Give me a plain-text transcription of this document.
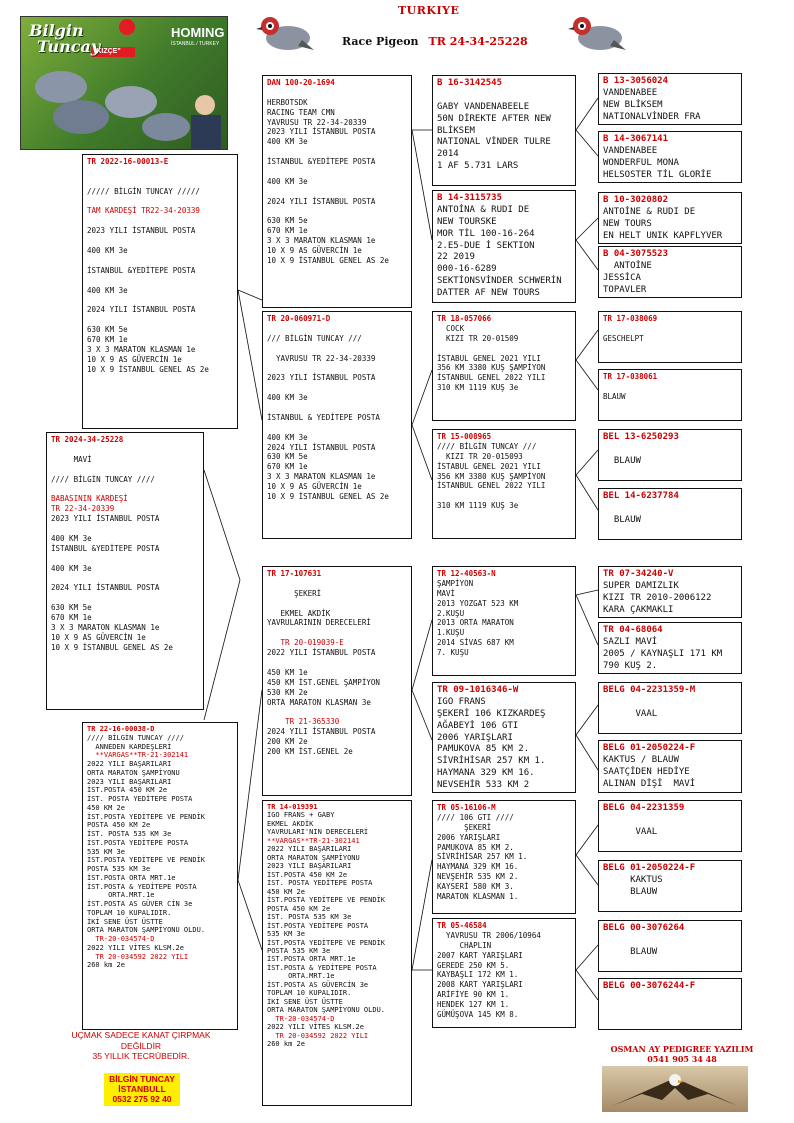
TURKIYE
Race Pigeon TR 24-34-25228
Bilgin
Tuncay
HOMING
"KIZÇE"
İSTANBUL / TURKEY
TR 2024-34-25228

MAVİ

//// BİLGİN TUNCAY ////

BABASININ KARDEŞİ
TR 22-34-20339
2023 YILI İSTANBUL POSTA

400 KM 3e
İSTANBUL &YEDİTEPE POSTA

400 KM 3e

2024 YILI İSTANBUL POSTA

630 KM 5e
670 KM 1e
3 X 3 MARATON KLASMAN 1e
10 X 9 AS GÜVERCİN 1e
10 X 9 İSTANBUL GENEL AS 2e
TR 2022-16-00013-E

///// BİLGİN TUNCAY /////

TAM KARDEŞİ TR22-34-20339

2023 YILI İSTANBUL POSTA

400 KM 3e

İSTANBUL &YEDİTEPE POSTA

400 KM 3e

2024 YILI İSTANBUL POSTA

630 KM 5e
670 KM 1e
3 X 3 MARATON KLASMAN 1e
10 X 9 AS GÜVERCİN 1e
10 X 9 İSTANBUL GENEL AS 2e
TR 22-16-00038-D
//// BİLGİN TUNCAY ////
ANNEDEN KARDEŞLERİ
**VARGAS**TR-21-302141
2022 YILI BAŞARILARI
ORTA MARATON ŞAMPİYONU
2023 YILI BAŞARILARI
İST.POSTA 450 KM 2e
İST. POSTA YEDİTEPE POSTA
450 KM 2e
İST.POSTA YEDİTEPE VE PENDİK
POSTA 450 KM 2e
İST. POSTA 535 KM 3e
İST.POSTA YEDİTEPE POSTA
535 KM 3e
İST.POSTA YEDİTEPE VE PENDİK
POSTA 535 KM 3e
İST.POSTA ORTA MRT.1e
İST.POSTA & YEDİTEPE POSTA
ORTA.MRT.1e
İST.POSTA AS GÜVER CİN 3e
TOPLAM 10 KUPALIDIR.
İKİ SENE ÜST ÜSTTE
ORTA MARATON ŞAMPİYONU OLDU.
TR-20-034574-D
2022 YILI VİTES KLSM.2e
TR 20-034592 2022 YILI
260 km 2e
DAN 100-20-1694

HERBOTSDK
RACING TEAM CMN
YAVRUSU TR 22-34-20339
2023 YILI İSTANBUL POSTA
400 KM 3e

İSTANBUL &YEDİTEPE POSTA

400 KM 3e

2024 YILI İSTANBUL POSTA

630 KM 5e
670 KM 1e
3 X 3 MARATON KLASMAN 1e
10 X 9 AS GÜVERCİN 1e
10 X 9 İSTANBUL GENEL AS 2e
TR 20-060971-D

/// BİLGİN TUNCAY ///

YAVRUSU TR 22-34-20339

2023 YILI İSTANBUL POSTA

400 KM 3e

İSTANBUL & YEDİTEPE POSTA

400 KM 3e
2024 YILI İSTANBUL POSTA
630 KM 5e
670 KM 1e
3 X 3 MARATON KLASMAN 1e
10 X 9 AS GÜVERCİN 1e
10 X 9 İSTANBUL GENEL AS 2e
TR 17-107631

ŞEKERİ

EKMEL AKDİK
YAVRULARININ DERECELERİ

TR 20-019039-E
2022 YILI İSTANBUL POSTA

450 KM 1e
450 KM İST.GENEL ŞAMPİYON
530 KM 2e
ORTA MARATON KLASMAN 3e

TR 21-365330
2024 YILI İSTANBUL POSTA
200 KM 2e
200 KM İST.GENEL 2e
TR 14-019391
İGO FRANS + GABY
EKMEL AKDİK
YAVRULARI'NIN DERECELERİ
**VARGAS**TR-21-302141
2022 YILI BAŞARILARI
ORTA MARATON ŞAMPİYONU
2023 YILI BAŞARILARI
İST.POSTA 450 KM 2e
İST. POSTA YEDİTEPE POSTA
450 KM 2e
İST.POSTA YEDİTEPE VE PENDİK
POSTA 450 KM 2e
İST. POSTA 535 KM 3e
İST.POSTA YEDİTEPE POSTA
535 KM 3e
İST.POSTA YEDİTEPE VE PENDİK
POSTA 535 KM 3e
İST.POSTA ORTA MRT.1e
İST.POSTA & YEDİTEPE POSTA
ORTA.MRT.1e
İST.POSTA AS GÜVERCİN 3e
TOPLAM 10 KUPALIDIR.
İKİ SENE ÜST ÜSTTE
ORTA MARATON ŞAMPİYONU OLDU.
TR-20-034574-D
2022 YILI VİTES KLSM.2e
TR 20-034592 2022 YILI
260 km 2e
B 16-3142545

GABY VANDENABEELE
50N DİREKTE AFTER NEW
BLİKSEM
NATIONAL VİNDER TULRE
2014
1 AF 5.731 LARS
B 14-3115735
ANTOİNA & RUDI DE
NEW TOURSKE
MOR TİL 100-16-264
2.E5-DUE İ SEKTION
22 2019
000-16-6289
SEKTİONSVİNDER SCHWERİN
DATTER AF NEW TOURS
TR 18-057066
COCK
KIZI TR 20-01509

İSTABUL GENEL 2021 YILI
356 KM 3380 KUŞ ŞAMPİYON
İSTANBUL GENEL 2022 YILI
310 KM 1119 KUŞ 3e
TR 15-008965
//// BİLGİN TUNCAY ///
KIZI TR 20-015093
İSTABUL GENEL 2021 YILI
356 KM 3380 KUŞ ŞAMPİYON
İSTANBUL GENEL 2022 YILI

310 KM 1119 KUŞ 3e
TR 12-40563-N
ŞAMPİYON
MAVİ
2013 YOZGAT 523 KM
2.KUŞU
2013 ORTA MARATON
1.KUŞU
2014 SİVAS 687 KM
7. KUŞU
TR 09-1016346-W
IGO FRANS
ŞEKERİ 106 KIZKARDEŞ
AĞABEYİ 106 GTI
2006 YARIŞLARI
PAMUKOVA 85 KM 2.
SİVRİHİSAR 257 KM 1.
HAYMANA 329 KM 16.
NEVSEHİR 533 KM 2
TR 05-16106-M
//// 106 GTI ////
ŞEKERİ
2006 YARIŞLARI
PAMUKOVA 85 KM 2.
SİVRİHİSAR 257 KM 1.
HAYMANA 329 KM 16.
NEVŞEHİR 535 KM 2.
KAYSERİ 580 KM 3.
MARATON KLASMAN 1.
TR 05-46584
YAVRUSU TR 2006/10964
CHAPLIN
2007 KART YARIŞLARI
GEREDE 250 KM 5.
KAYBAŞLI 172 KM 1.
2008 KART YARIŞLARI
ARİFİYE 90 KM 1.
HENDEK 127 KM 1.
GÜMÜŞOVA 145 KM 8.
B 13-3056024
VANDENABEE
NEW BLİKSEM
NATIONALVİNDER FRA
B 14-3067141
VANDENABEE
WONDERFUL MONA
HELSOSTER TİL GLORİE
B 10-3020802
ANTOİNE & RUDI DE
NEW TOURS
EN HELT UNIK KAPFLYVER
B 04-3075523
ANTOİNE
JESSİCA
TOPAVLER
TR 17-038069

GESCHELPT
TR 17-038061

BLAUW
BEL 13-6250293

BLAUW
BEL 14-6237784

BLAUW
TR 07-34240-V
SUPER DAMIZLIK
KIZI TR 2010-2006122
KARA ÇAKMAKLI
TR 04-68064
SAZLI MAVİ
2005 / KAYNAŞLI 171 KM
790 KUŞ 2.
BELG 04-2231359-M

VAAL
BELG 01-2050224-F
KAKTUS / BLAUW
SAATÇİDEN HEDİYE
ALINAN DİŞİ  MAVİ
BELG 04-2231359

VAAL
BELG 01-2050224-F
KAKTUS
BLAUW
BELG 00-3076264

BLAUW
BELG 00-3076244-F
UÇMAK SADECE KANAT ÇIRPMAK
DEĞİLDİR
35 YILLIK TECRÜBEDİR.
BİLGİN TUNCAY
İSTANBULL
0532 275 92 40
OSMAN AY PEDIGREE YAZILIM
0541 905 34 48
